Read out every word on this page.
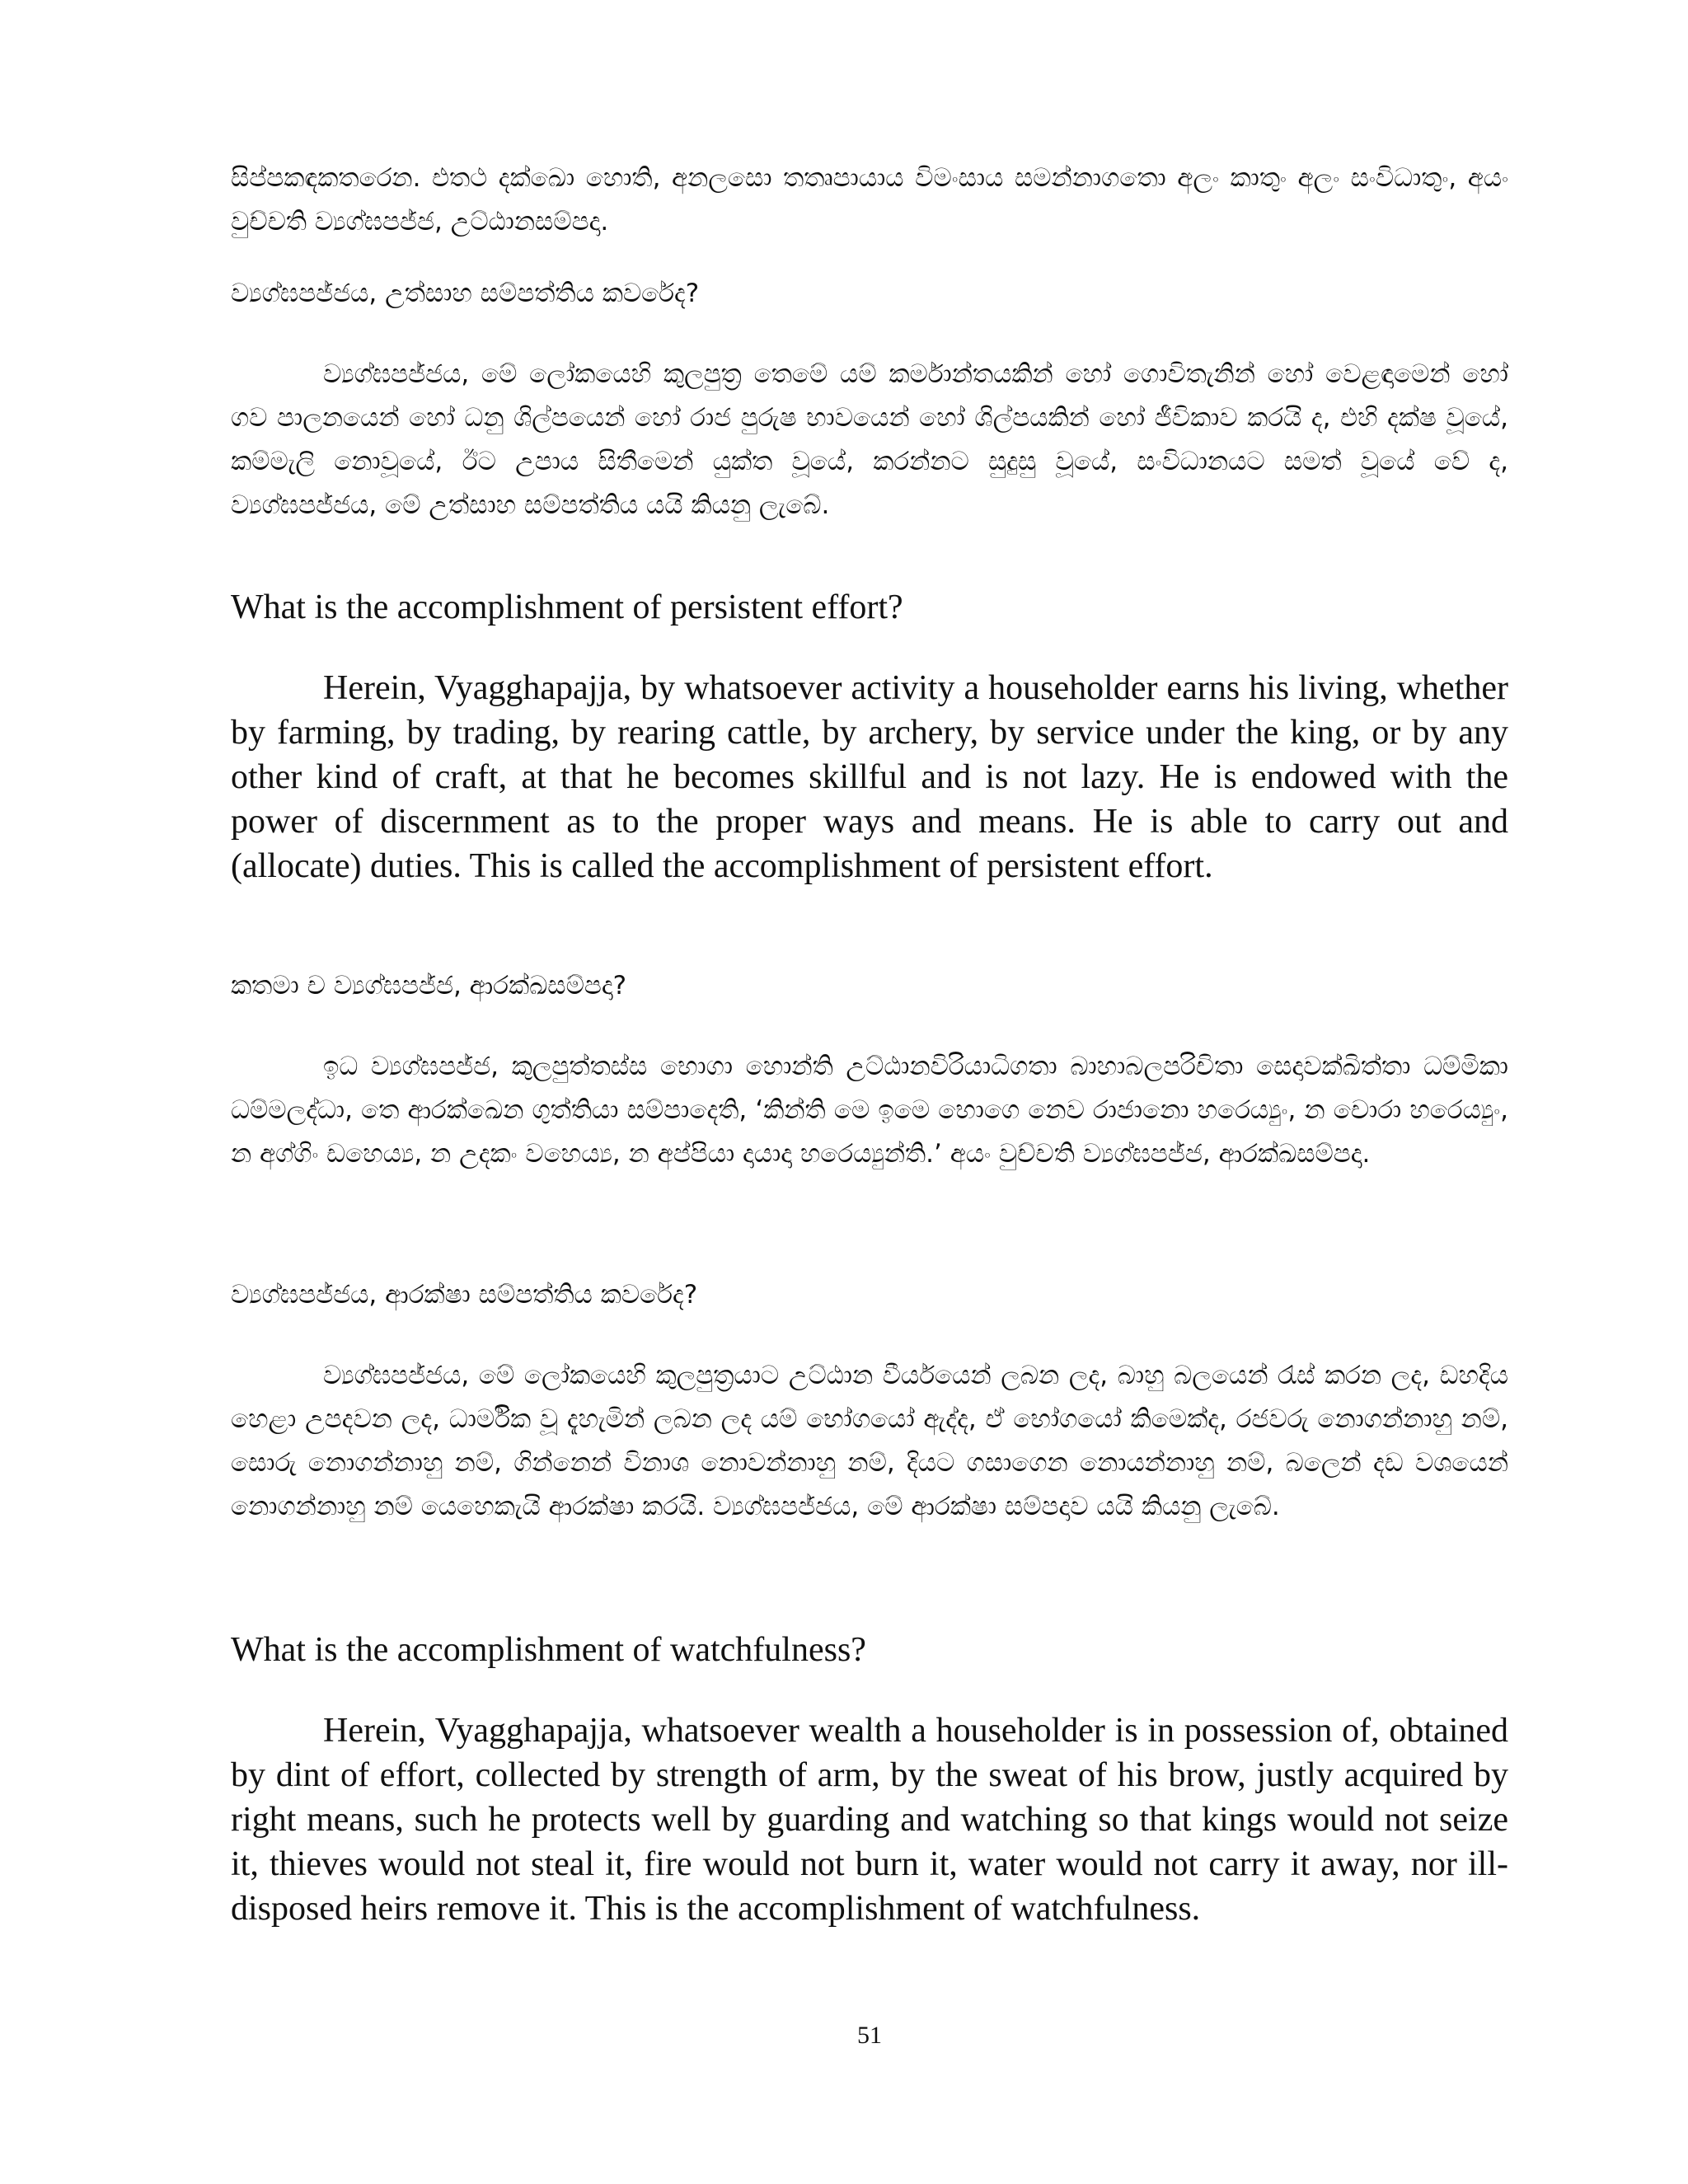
සිප්පකඳකතරෙන. එතථ දක්ඛො හොති, අනලසො තත්‍රුපායාය විමංසාය සමන්නාගතො අලං කාතුං අලං සංවිධාතුං, අයං වුච්චති ව්‍යග්ඝපජ්ජ, උට්ඨානසම්පදා.

ව්‍යග්ඝපජ්ජය, උත්සාහ සම්පත්තිය කවරේද?

ව්‍යග්ඝපජ්ජය, මේ ලෝකයෙහි කුලපුත්‍ර තෙමේ යම් කර්මාන්තයකින් හෝ ගොවිතැනින් හෝ වෙළඳාමෙන් හෝ ගව පාලනයෙන් හෝ ධනු ශිල්පයෙන් හෝ රාජ පුරුෂ භාවයෙන් හෝ ශිල්පයකින් හෝ ජීවිකාව කරයි ද, එහි දක්ෂ වූයේ, කම්මැලි නොවූයේ, ඊට උපාය සිතීමෙන් යුක්ත වූයේ, කරන්නට සුදුසු වූයේ, සංවිධානයට සමත් වූයේ වේ ද, ව්‍යග්ඝපජ්ජය, මේ උත්සාහ සම්පත්තිය යයි කියනු ලැබේ.

What is the accomplishment of persistent effort?

Herein, Vyagghapajja, by whatsoever activity a householder earns his living, whether by farming, by trading, by rearing cattle, by archery, by service under the king, or by any other kind of craft, at that he becomes skillful and is not lazy. He is endowed with the power of discernment as to the proper ways and means. He is able to carry out and (allocate) duties. This is called the accomplishment of persistent effort.

කතමා ච ව්‍යග්ඝපජ්ජ, ආරක්ඛසම්පදා?

ඉධ ව්‍යග්ඝපජ්ජ, කුලපුත්තස්ස භොගා හොන්ති උට්ඨානවිරියාධිගතා බාහාබලපරිචිතා සෙදාවක්ඛිත්තා ධම්මිකා ධම්මලද්ධා, තෙ ආරක්ඛෙන ගුත්තියා සම්පාදෙති, ‘කින්ති මෙ ඉමෙ භොගෙ නෙව රාජානො හරෙය්‍යුං, න චොරා හරෙය්‍යුං, න අග්ගිං ඩහෙය්‍ය, න උදකං වහෙය්‍ය, න අප්පියා දායාදා හරෙය්‍යුන්ති.’ අයං වුච්චති ව්‍යග්ඝපජ්ජ, ආරක්ඛසම්පදා.

ව්‍යග්ඝපජ්ජය, ආරක්ෂා සම්පත්තිය කවරේද?

ව්‍යග්ඝපජ්ජය, මේ ලෝකයෙහි කුලපුත්‍රයාට උට්ඨාන වීර්යයෙන් ලබන ලද, බාහු බලයෙන් රැස් කරන ලද, ඩහදිය හෙළා උපදවන ලද, ධාර්මික වූ දැහැමින් ලබන ලද යම් භෝගයෝ ඇද්ද, ඒ භෝගයෝ කිමෙක්ද, රජවරු නොගන්නාහු නම්, සොරු නොගන්නාහු නම්, ගින්නෙන් විනාශ නොවන්නාහු නම්, දියට ගසාගෙන නොයන්නාහු නම්, බලෙන් දඩ වශයෙන් නොගන්නාහු නම් යෙහෙකැයි ආරක්ෂා කරයි. ව්‍යග්ඝපජ්ජය, මේ ආරක්ෂා සම්පදාව යයි කියනු ලැබේ.

What is the accomplishment of watchfulness?

Herein, Vyagghapajja, whatsoever wealth a householder is in possession of, obtained by dint of effort, collected by strength of arm, by the sweat of his brow, justly acquired by right means, such he protects well by guarding and watching so that kings would not seize it, thieves would not steal it, fire would not burn it, water would not carry it away, nor ill-disposed heirs remove it. This is the accomplishment of watchfulness.

51
